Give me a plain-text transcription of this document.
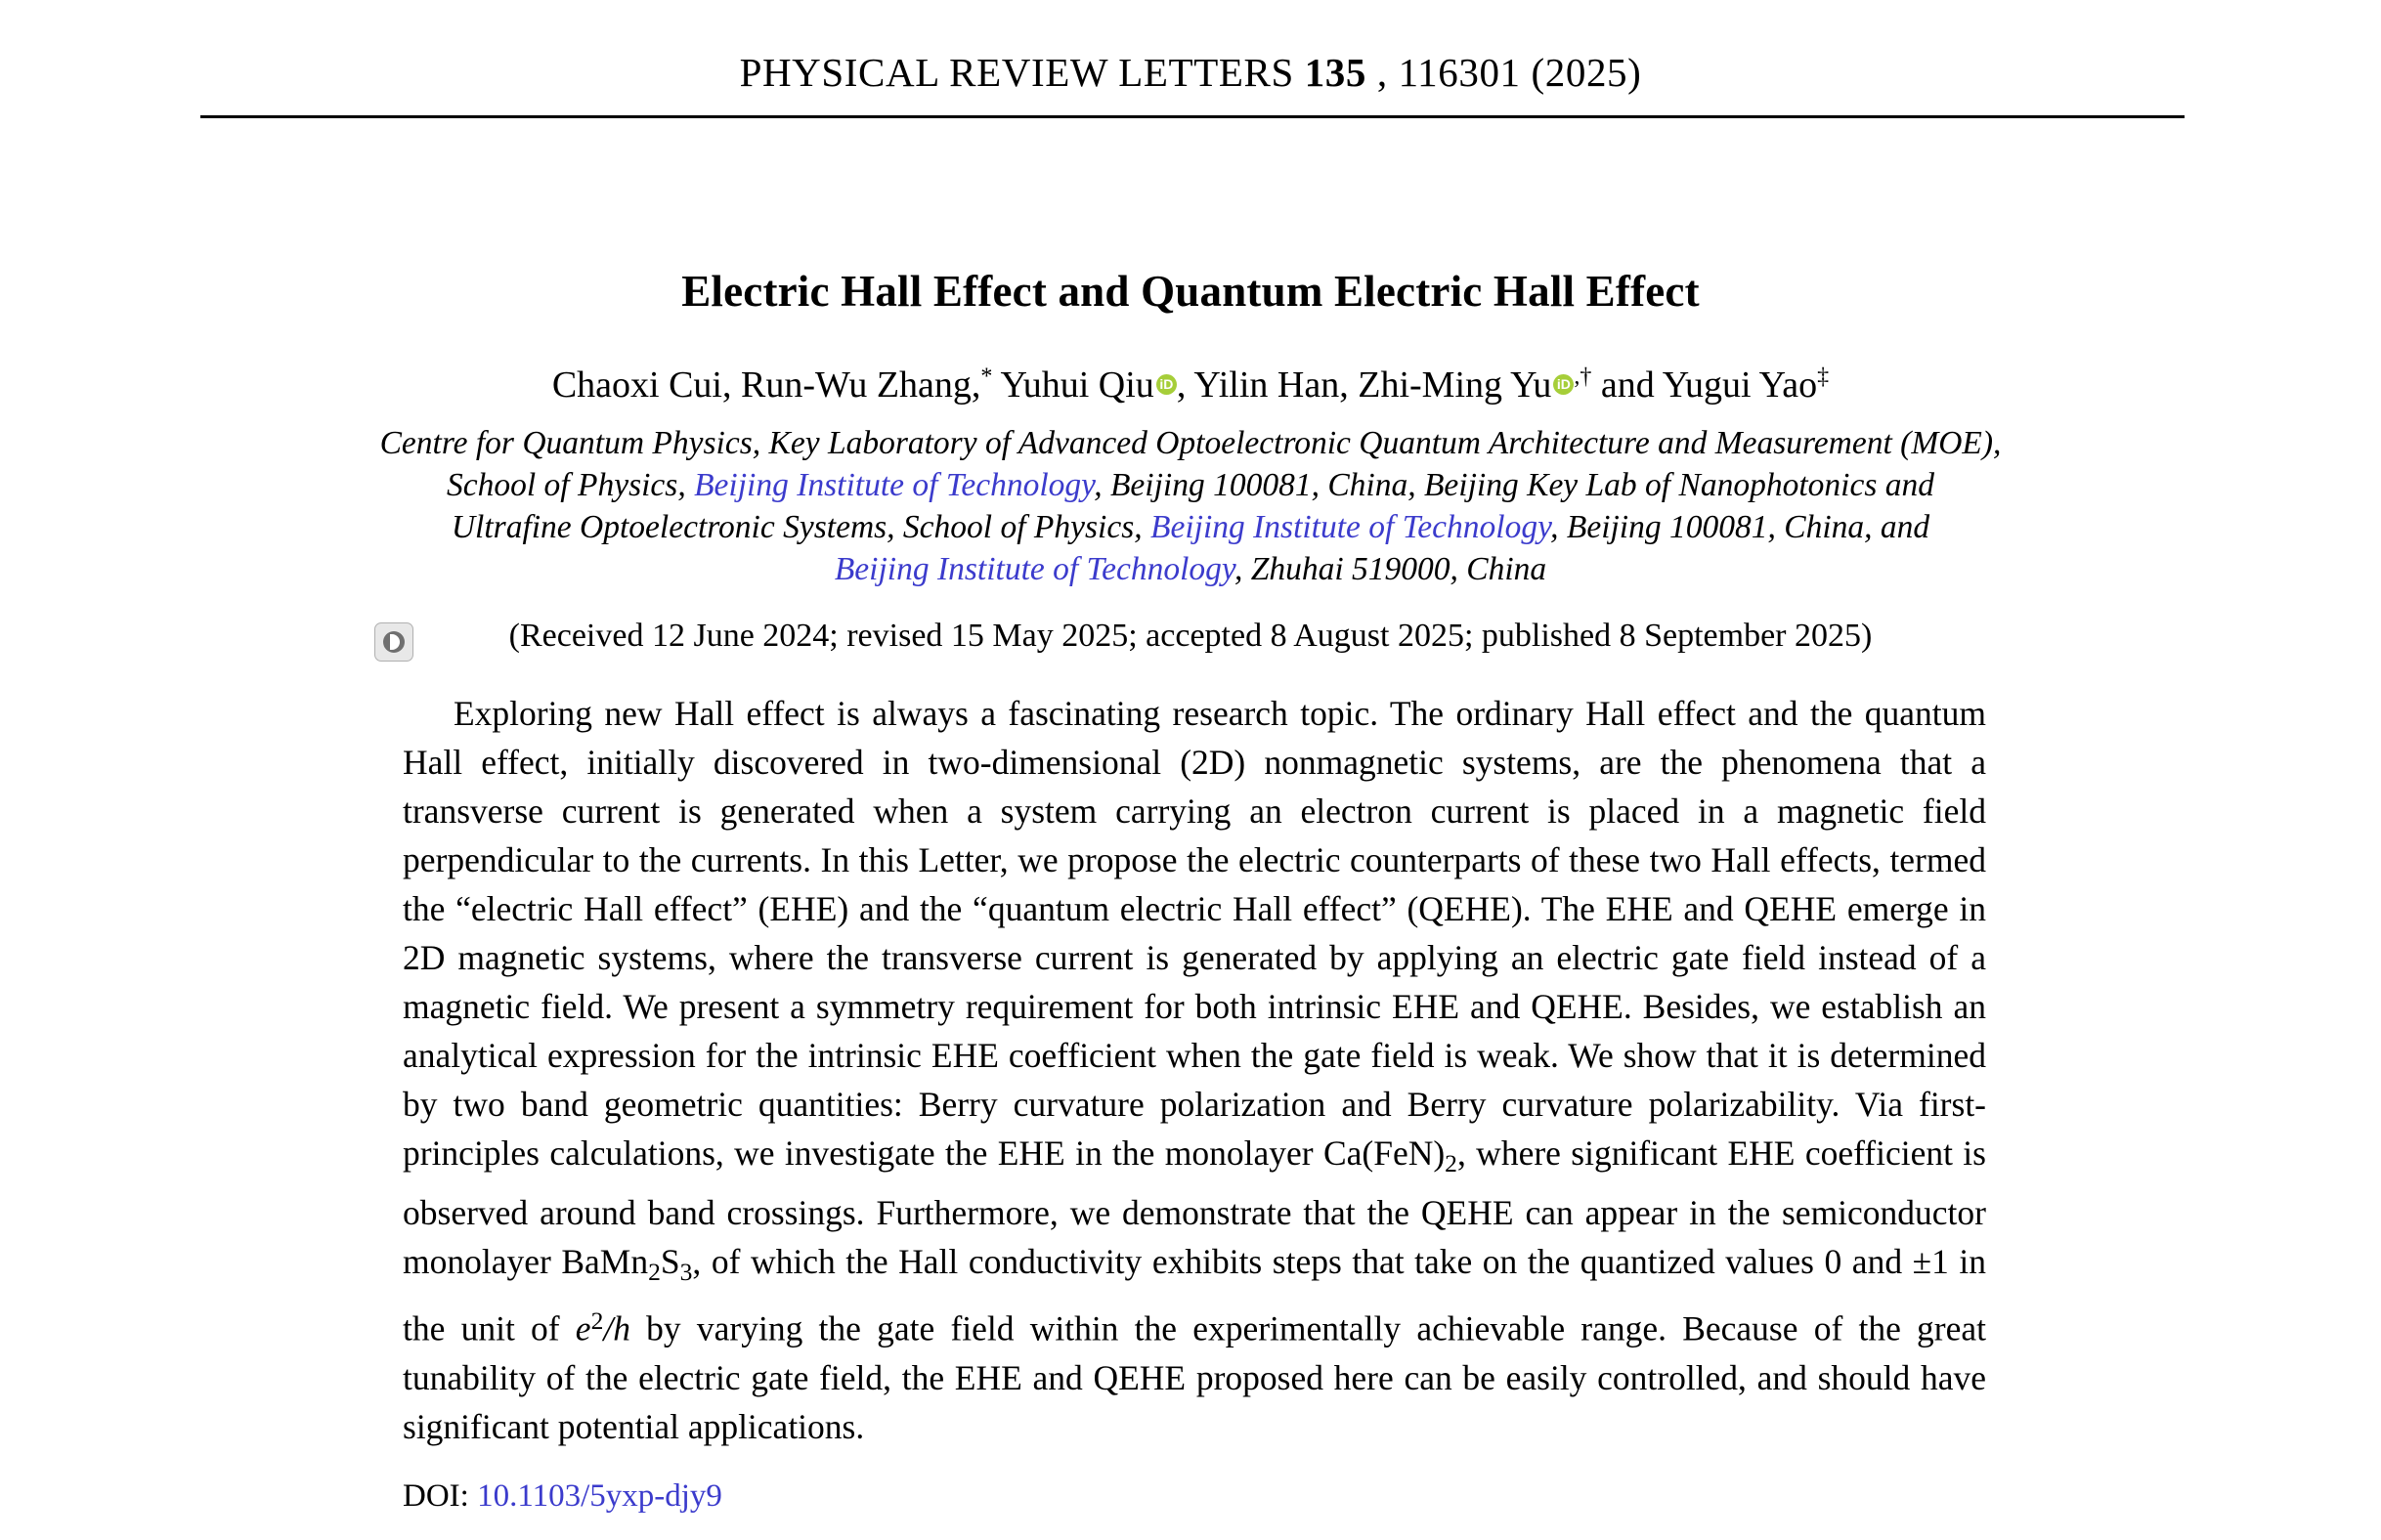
PHYSICAL REVIEW LETTERS 135 , 116301 (2025)
Electric Hall Effect and Quantum Electric Hall Effect
Chaoxi Cui, Run-Wu Zhang,* Yuhui Qiu iD , Yilin Han, Zhi-Ming Yu iD ,† and Yugui Yao‡
Centre for Quantum Physics, Key Laboratory of Advanced Optoelectronic Quantum Architecture and Measurement (MOE),
School of Physics, Beijing Institute of Technology, Beijing 100081, China, Beijing Key Lab of Nanophotonics and
Ultrafine Optoelectronic Systems, School of Physics, Beijing Institute of Technology, Beijing 100081, China, and
Beijing Institute of Technology, Zhuhai 519000, China
(Received 12 June 2024; revised 15 May 2025; accepted 8 August 2025; published 8 September 2025)
Exploring new Hall effect is always a fascinating research topic. The ordinary Hall effect and the quantum Hall effect, initially discovered in two-dimensional (2D) nonmagnetic systems, are the phenomena that a transverse current is generated when a system carrying an electron current is placed in a magnetic field perpendicular to the currents. In this Letter, we propose the electric counterparts of these two Hall effects, termed the “electric Hall effect” (EHE) and the “quantum electric Hall effect” (QEHE). The EHE and QEHE emerge in 2D magnetic systems, where the transverse current is generated by applying an electric gate field instead of a magnetic field. We present a symmetry requirement for both intrinsic EHE and QEHE. Besides, we establish an analytical expression for the intrinsic EHE coefficient when the gate field is weak. We show that it is determined by two band geometric quantities: Berry curvature polarization and Berry curvature polarizability. Via first-principles calculations, we investigate the EHE in the monolayer $Ca(FeN)_2$, where significant EHE coefficient is observed around band crossings. Furthermore, we demonstrate that the QEHE can appear in the semiconductor monolayer $BaMn_2S_3$, of which the Hall conductivity exhibits steps that take on the quantized values 0 and ±1 in the unit of $e^2/h$ by varying the gate field within the experimentally achievable range. Because of the great tunability of the electric gate field, the EHE and QEHE proposed here can be easily controlled, and should have significant potential applications.
DOI: 10.1103/5yxp-djy9
